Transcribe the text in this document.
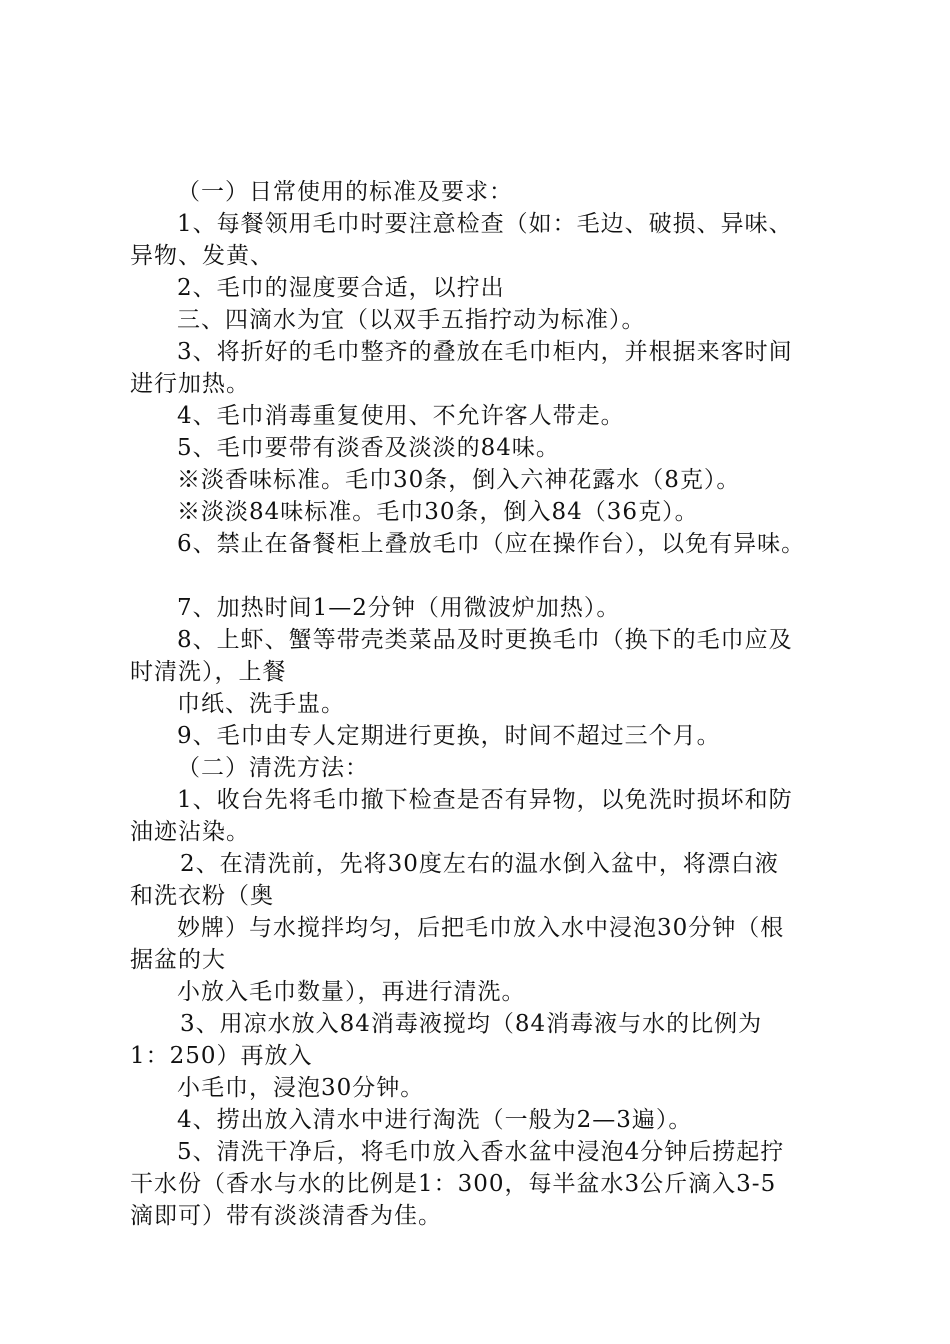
（一）日常使用的标准及要求：
1、每餐领用毛巾时要注意检查（如：毛边、破损、异味、
异物、发黄、
2、毛巾的湿度要合适，以拧出
三、四滴水为宜（以双手五指拧动为标准）。
3、将折好的毛巾整齐的叠放在毛巾柜内，并根据来客时间
进行加热。
4、毛巾消毒重复使用、不允许客人带走。
5、毛巾要带有淡香及淡淡的84味。
※淡香味标准。毛巾30条，倒入六神花露水（8克）。
※淡淡84味标准。毛巾30条，倒入84（36克）。
6、禁止在备餐柜上叠放毛巾（应在操作台），以免有异味。
7、加热时间1—2分钟（用微波炉加热）。
8、上虾、蟹等带壳类菜品及时更换毛巾（换下的毛巾应及
时清洗），上餐
巾纸、洗手盅。
9、毛巾由专人定期进行更换，时间不超过三个月。
（二）清洗方法：
1、收台先将毛巾撤下检查是否有异物，以免洗时损坏和防
油迹沾染。
2、在清洗前，先将30度左右的温水倒入盆中，将漂白液
和洗衣粉（奥
妙牌）与水搅拌均匀，后把毛巾放入水中浸泡30分钟（根
据盆的大
小放入毛巾数量），再进行清洗。
3、用凉水放入84消毒液搅均（84消毒液与水的比例为
1：250）再放入
小毛巾，浸泡30分钟。
4、捞出放入清水中进行淘洗（一般为2—3遍）。
5、清洗干净后，将毛巾放入香水盆中浸泡4分钟后捞起拧
干水份（香水与水的比例是1：300，每半盆水3公斤滴入3-5
滴即可）带有淡淡清香为佳。
